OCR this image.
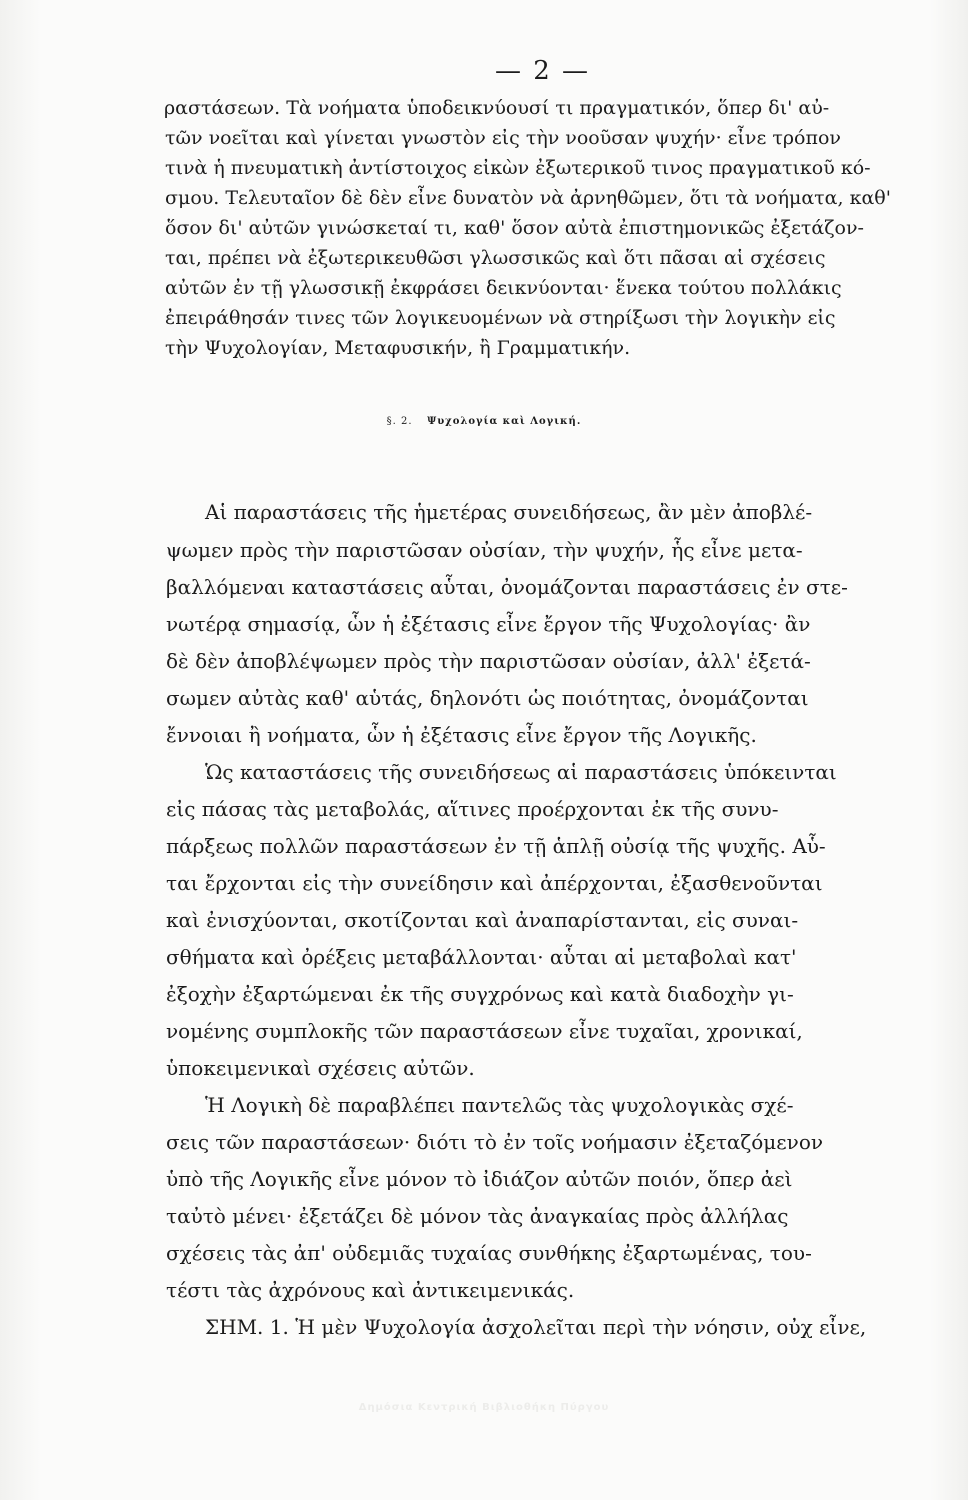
— 2 —
ραστάσεων. Τὰ νοήματα ὑποδεικνύουσί τι πραγματικόν, ὅπερ δι' αὐ-
τῶν νοεῖται καὶ γίνεται γνωστὸν εἰς τὴν νοοῦσαν ψυχήν· εἶνε τρόπον
τινὰ ἡ πνευματικὴ ἀντίστοιχος εἰκὼν ἐξωτερικοῦ τινος πραγματικοῦ κό-
σμου. Τελευταῖον δὲ δὲν εἶνε δυνατὸν νὰ ἀρνηθῶμεν, ὅτι τὰ νοήματα, καθ'
ὅσον δι' αὐτῶν γινώσκεταί τι, καθ' ὅσον αὐτὰ ἐπιστημονικῶς ἐξετάζον-
ται, πρέπει νὰ ἐξωτερικευθῶσι γλωσσικῶς καὶ ὅτι πᾶσαι αἱ σχέσεις
αὐτῶν ἐν τῇ γλωσσικῇ ἐκφράσει δεικνύονται· ἕνεκα τούτου πολλάκις
ἐπειράθησάν τινες τῶν λογικευομένων νὰ στηρίξωσι τὴν λογικὴν εἰς
τὴν Ψυχολογίαν, Μεταφυσικήν, ἢ Γραμματικήν.
§. 2. Ψυχολογία καὶ Λογική.
Αἱ παραστάσεις τῆς ἡμετέρας συνειδήσεως, ἂν μὲν ἀποβλέ-
ψωμεν πρὸς τὴν παριστῶσαν οὐσίαν, τὴν ψυχήν, ἧς εἶνε μετα-
βαλλόμεναι καταστάσεις αὗται, ὀνομάζονται παραστάσεις ἐν στε-
νωτέρᾳ σημασίᾳ, ὧν ἡ ἐξέτασις εἶνε ἔργον τῆς Ψυχολογίας· ἂν
δὲ δὲν ἀποβλέψωμεν πρὸς τὴν παριστῶσαν οὐσίαν, ἀλλ' ἐξετά-
σωμεν αὐτὰς καθ' αὑτάς, δηλονότι ὡς ποιότητας, ὀνομάζονται
ἔννοιαι ἢ νοήματα, ὧν ἡ ἐξέτασις εἶνε ἔργον τῆς Λογικῆς.
Ὡς καταστάσεις τῆς συνειδήσεως αἱ παραστάσεις ὑπόκεινται
εἰς πάσας τὰς μεταβολάς, αἵτινες προέρχονται ἐκ τῆς συνυ-
πάρξεως πολλῶν παραστάσεων ἐν τῇ ἁπλῇ οὐσίᾳ τῆς ψυχῆς. Αὗ-
ται ἔρχονται εἰς τὴν συνείδησιν καὶ ἀπέρχονται, ἐξασθενοῦνται
καὶ ἐνισχύονται, σκοτίζονται καὶ ἀναπαρίστανται, εἰς συναι-
σθήματα καὶ ὀρέξεις μεταβάλλονται· αὗται αἱ μεταβολαὶ κατ'
ἐξοχὴν ἐξαρτώμεναι ἐκ τῆς συγχρόνως καὶ κατὰ διαδοχὴν γι-
νομένης συμπλοκῆς τῶν παραστάσεων εἶνε τυχαῖαι, χρονικαί,
ὑποκειμενικαὶ σχέσεις αὐτῶν.
Ἡ Λογικὴ δὲ παραβλέπει παντελῶς τὰς ψυχολογικὰς σχέ-
σεις τῶν παραστάσεων· διότι τὸ ἐν τοῖς νοήμασιν ἐξεταζόμενον
ὑπὸ τῆς Λογικῆς εἶνε μόνον τὸ ἰδιάζον αὐτῶν ποιόν, ὅπερ ἀεὶ
ταὐτὸ μένει· ἐξετάζει δὲ μόνον τὰς ἀναγκαίας πρὸς ἀλλήλας
σχέσεις τὰς ἀπ' οὐδεμιᾶς τυχαίας συνθήκης ἐξαρτωμένας, του-
τέστι τὰς ἀχρόνους καὶ ἀντικειμενικάς.
ΣΗΜ. 1. Ἡ μὲν Ψυχολογία ἀσχολεῖται περὶ τὴν νόησιν, οὐχ εἶνε,
Δημόσια Κεντρική Βιβλιοθήκη Πύργου
